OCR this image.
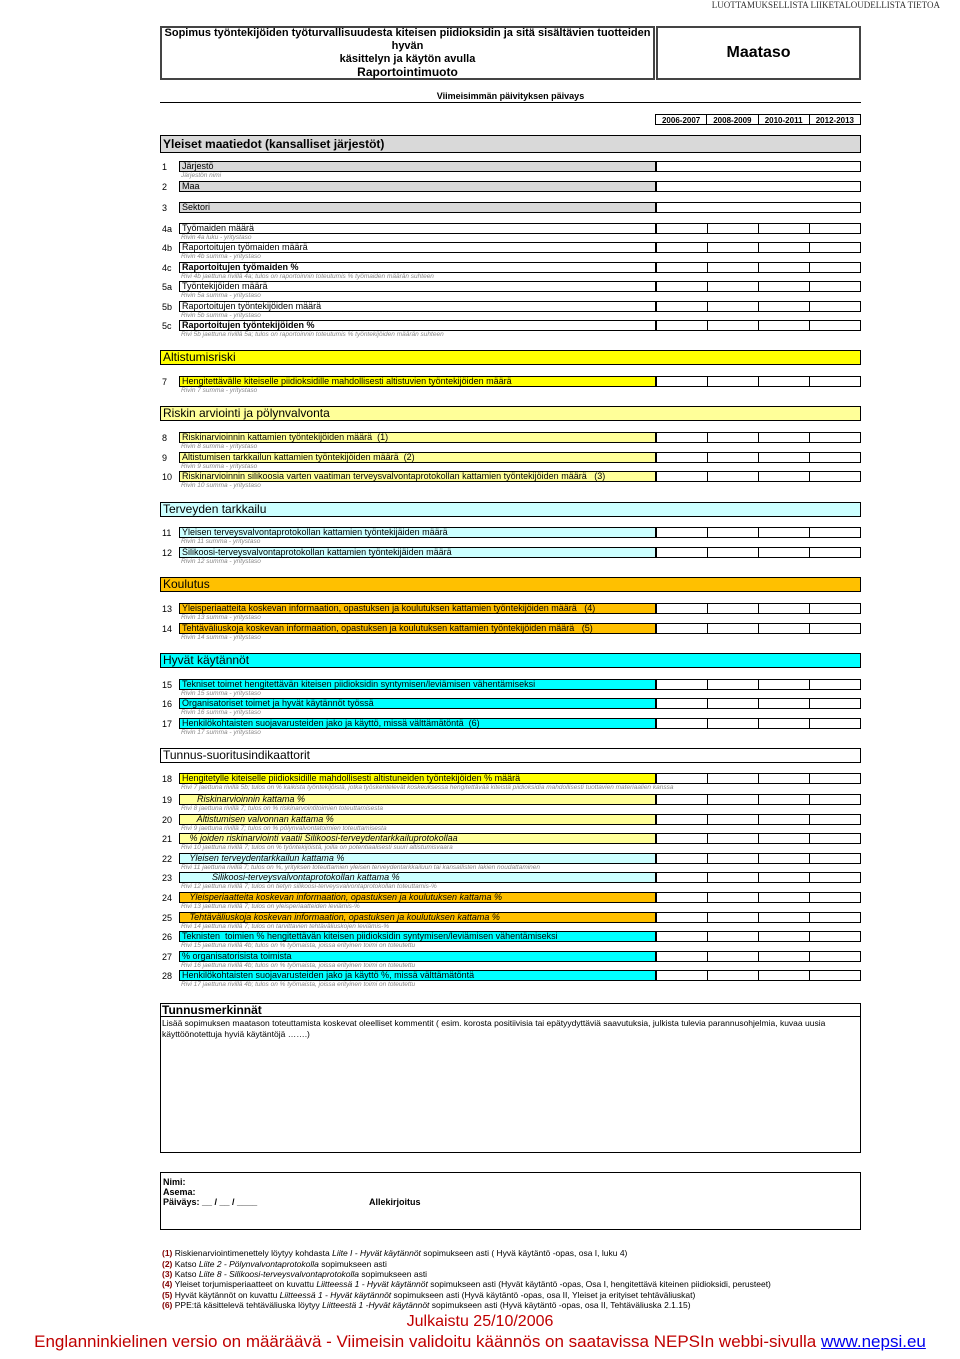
LUOTTAMUKSELLISTA LIIKETALOUDELLISTA TIETOA
Sopimus työntekijöiden työturvallisuudesta kiteisen piidioksidin ja sitä sisältävien tuotteiden hyvän
käsittelyn ja käytön avulla
Raportointimuoto
Maataso
Viimeisimmän päivityksen päivays
2006-2007	2008-2009	2010-2011	2012-2013
Yleiset maatiedot (kansalliset järjestöt)
1	Järjestö
Järjestön nimi
2	Maa
3	Sektori
4a	Työmaiden määrä
Rivin 4a luku - yritystaso
4b	Raportoitujen työmaiden määrä
Rivin 4b summa - yritystaso
4c	Raportoitujen työmaiden %
Rivi 4b jaettuna rivillä 4a; tulos on raportoinnin toteutumis % työmaiden määrän suhteen
5a	Työntekijöiden määrä
Rivin 5a summa - yritystaso
5b	Raportoitujen työntekijöiden määrä
Rivin 5b summa - yritystaso
5c	Raportoitujen työntekijöiden %
Rivi 5b jaettuna rivillä 5a; tulos on raportoinnin toteutumis % työntekijöiden määrän suhteen
7	Hengitettävälle kiteiselle piidioksidille mahdollisesti altistuvien työntekijöiden määrä
Rivin 7 summa - yritystaso
8	Riskinarvioinnin kattamien työntekijöiden määrä  (1)
Rivin 8 summa - yritystaso
9	Altistumisen tarkkailun kattamien työntekijöiden määrä  (2)
Rivin 9 summa - yritystaso
10	Riskinarvioinnin silikoosia varten vaatiman terveysvalvontaprotokollan kattamien työntekijöiden määrä   (3)
Rivin 10 summa - yritystaso
11	Yleisen terveysvalvontaprotokollan kattamien työntekijäiden määrä
Rivin 11 summa - yritystaso
12	Silikoosi-terveysvalvontaprotokollan kattamien työntekijäiden määrä
Rivin 12 summa - yritystaso
13	Yleisperiaatteita koskevan informaation, opastuksen ja koulutuksen kattamien työntekijöiden määrä   (4)
Rivin 13 summa - yritystaso
14	Tehtäväliuskoja koskevan informaation, opastuksen ja koulutuksen kattamien työntekijöiden määrä   (5)
Rivin 14 summa - yritystaso
15	Tekniset toimet hengitettävän kiteisen piidioksidin syntymisen/leviämisen vähentämiseksi
Rivin 15 summa - yritystaso
16	Organisatoriset toimet ja hyvät käytännöt työssä
Rivin 16 summa - yritystaso
17	Henkilökohtaisten suojavarusteiden jako ja käyttö, missä välttämätöntä  (6)
Rivin 17 summa - yritystaso
18	Hengitetylle kiteiselle piidioksidille mahdollisesti altistuneiden työntekijöiden % määrä
Rivi 7 jaettuna rivillä 5b; tulos on % kaikista työntekijöistä, jotka työskentelevät koskeuksessa hengitettävää kiteistä piidioksidia mahdollisesti tuottavien materiaalien kanssa
19	Riskinarvioinnin kattama %
Rivi 8 jaettuna rivillä 7; tulos on % riskinarvointitoimien toteuttamisesta
20	Altistumisen valvonnan kattama %
Rivi 9 jaettuna rivillä 7; tulos on % pölynvalvontatoimien toteuttamisesta
21	% joiden riskinarviointi vaatii Silikoosi-terveydentarkkailuprotokollaa
Rivi 10 jaettuna rivillä 7; tulos on % työntekijöistä, joilla on potentiaalisesti suuri altistumisvaara
22	Yleisen terveydentarkkailun kattama %
Rivi 11 jaettuna rivillä 7; tulos on %, yrityksen toteuttamien yleisen terveydentarkkailuun tai kansallisten lakien noudattaminen
23	Silikoosi-terveysvalvontaprotokollan kattama %
Rivi 12 jaettuna rivillä 7; tulos on tietyn silikoosi-terveysvalvontaprotokollan toteuttamis-%
24	Yleisperiaatteita koskevan informaation, opastuksen ja koulutuksen kattama %
Rivi 13 jaettuna rivillä 7; tulos on yleisperiaatteiden leviämis-%
25	Tehtäväliuskoja koskevan informaation, opastuksen ja koulutuksen kattama %
Rivi 14 jaettuna rivillä 7; tulos on tarvittavien tehtäväliuskojen leviämis-%
26	Teknisten  toimien % hengitettävän kiteisen piidioksidin syntymisen/leviämisen vähentämiseksi
Rivi 15 jaettuna rivillä 4b; tulos on % työmaista, joissa erityinen toimi on toteutettu
27	% organisatorisista toimista
Rivi 16 jaettuna rivillä 4b; tulos on % työmaista, joissa erityinen toimi on toteutettu
28	Henkilökohtaisten suojavarusteiden jako ja käyttö %, missä välttämätöntä
Rivi 17 jaettuna rivillä 4b; tulos on % työmaista, joissa erityinen toimi on toteutettu
Altistumisriski
Riskin arviointi ja pölynvalvonta
Terveyden tarkkailu
Koulutus
Hyvät käytännöt
Tunnus-suoritusindikaattorit
Tunnusmerkinnät
Lisää sopimuksen maatason toteuttamista koskevat oleelliset kommentit ( esim. korosta positiivisia tai epätyydyttäviä saavutuksia, julkista tulevia parannusohjelmia, kuvaa uusia käyttöönotettuja hyviä käytäntöjä …….)
Nimi:
Asema:
Päiväys: __ / __ / ____	Allekirjoitus
(1) Riskienarviointimenettely löytyy kohdasta Liite I - Hyvät käytännöt sopimukseen asti ( Hyvä käytäntö -opas, osa I, luku 4)
(2) Katso Liite 2 - Pölynvalvontaprotokolla sopimukseen asti
(3) Katso Liite 8 - Silikoosi-terveysvalvontaprotokolla sopimukseen asti
(4) Yleiset torjumisperiaatteet on kuvattu Liitteessä 1 - Hyvät käytännöt sopimukseen asti (Hyvät käytäntö -opas, Osa I, hengitettävä kiteinen piidioksidi, perusteet)
(5) Hyvät käytännöt on kuvattu Liitteessä 1 - Hyvät käytännöt sopimukseen asti (Hyvä käytäntö -opas, osa II, Yleiset ja erityiset tehtäväliuskat)
(6) PPE:tä käsittelevä tehtäväliuska löytyy Liitteestä 1 -Hyvät käytännöt sopimukseen asti (Hyvä käytäntö -opas, osa II, Tehtäväliuska 2.1.15)
Julkaistu 25/10/2006
Englanninkielinen versio on määräävä - Viimeisin validoitu käännös on saatavissa NEPSIn webbi-sivulla www.nepsi.eu
